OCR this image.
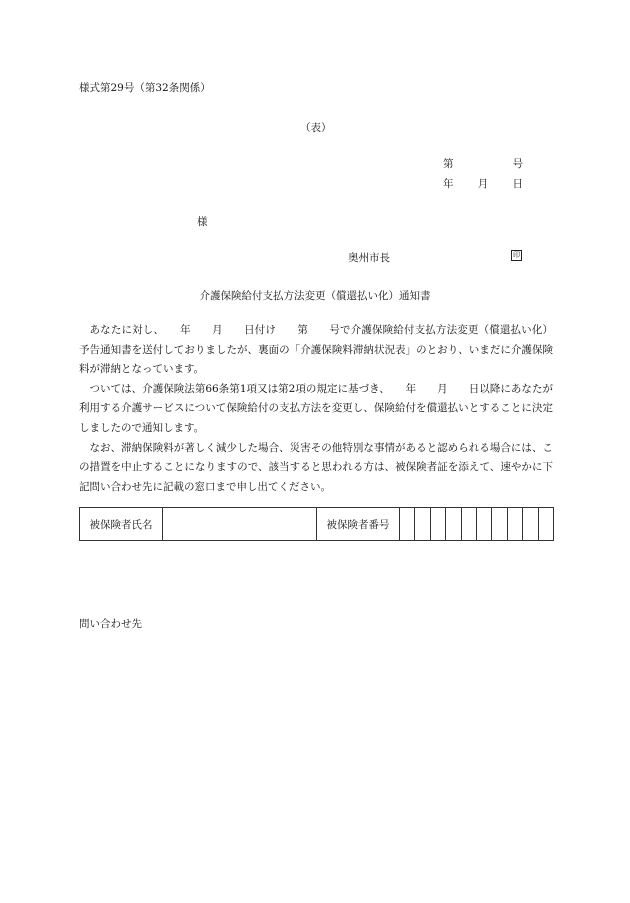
様式第29号（第32条関係）
（表）
第	号
年 月 日
様
奥州市長	印
介護保険給付支払方法変更（償還払い化）通知書

あなたに対し、　　年　　月　　日付け　　第　　号で介護保険給付支払方法変更（償還払い化）予告通知書を送付しておりましたが、裏面の「介護保険料滞納状況表」のとおり、いまだに介護保険料が滞納となっています。

ついては、介護保険法第66条第1項又は第2項の規定に基づき、　　年　　月　　日以降にあなたが利用する介護サービスについて保険給付の支払方法を変更し、保険給付を償還払いとすることに決定しましたので通知します。

なお、滞納保険料が著しく減少した場合、災害その他特別な事情があると認められる場合には、この措置を中止することになりますので、該当すると思われる方は、被保険者証を添えて、速やかに下記問い合わせ先に記載の窓口まで申し出てください。

被保険者氏名		被保険者番号										
問い合わせ先
